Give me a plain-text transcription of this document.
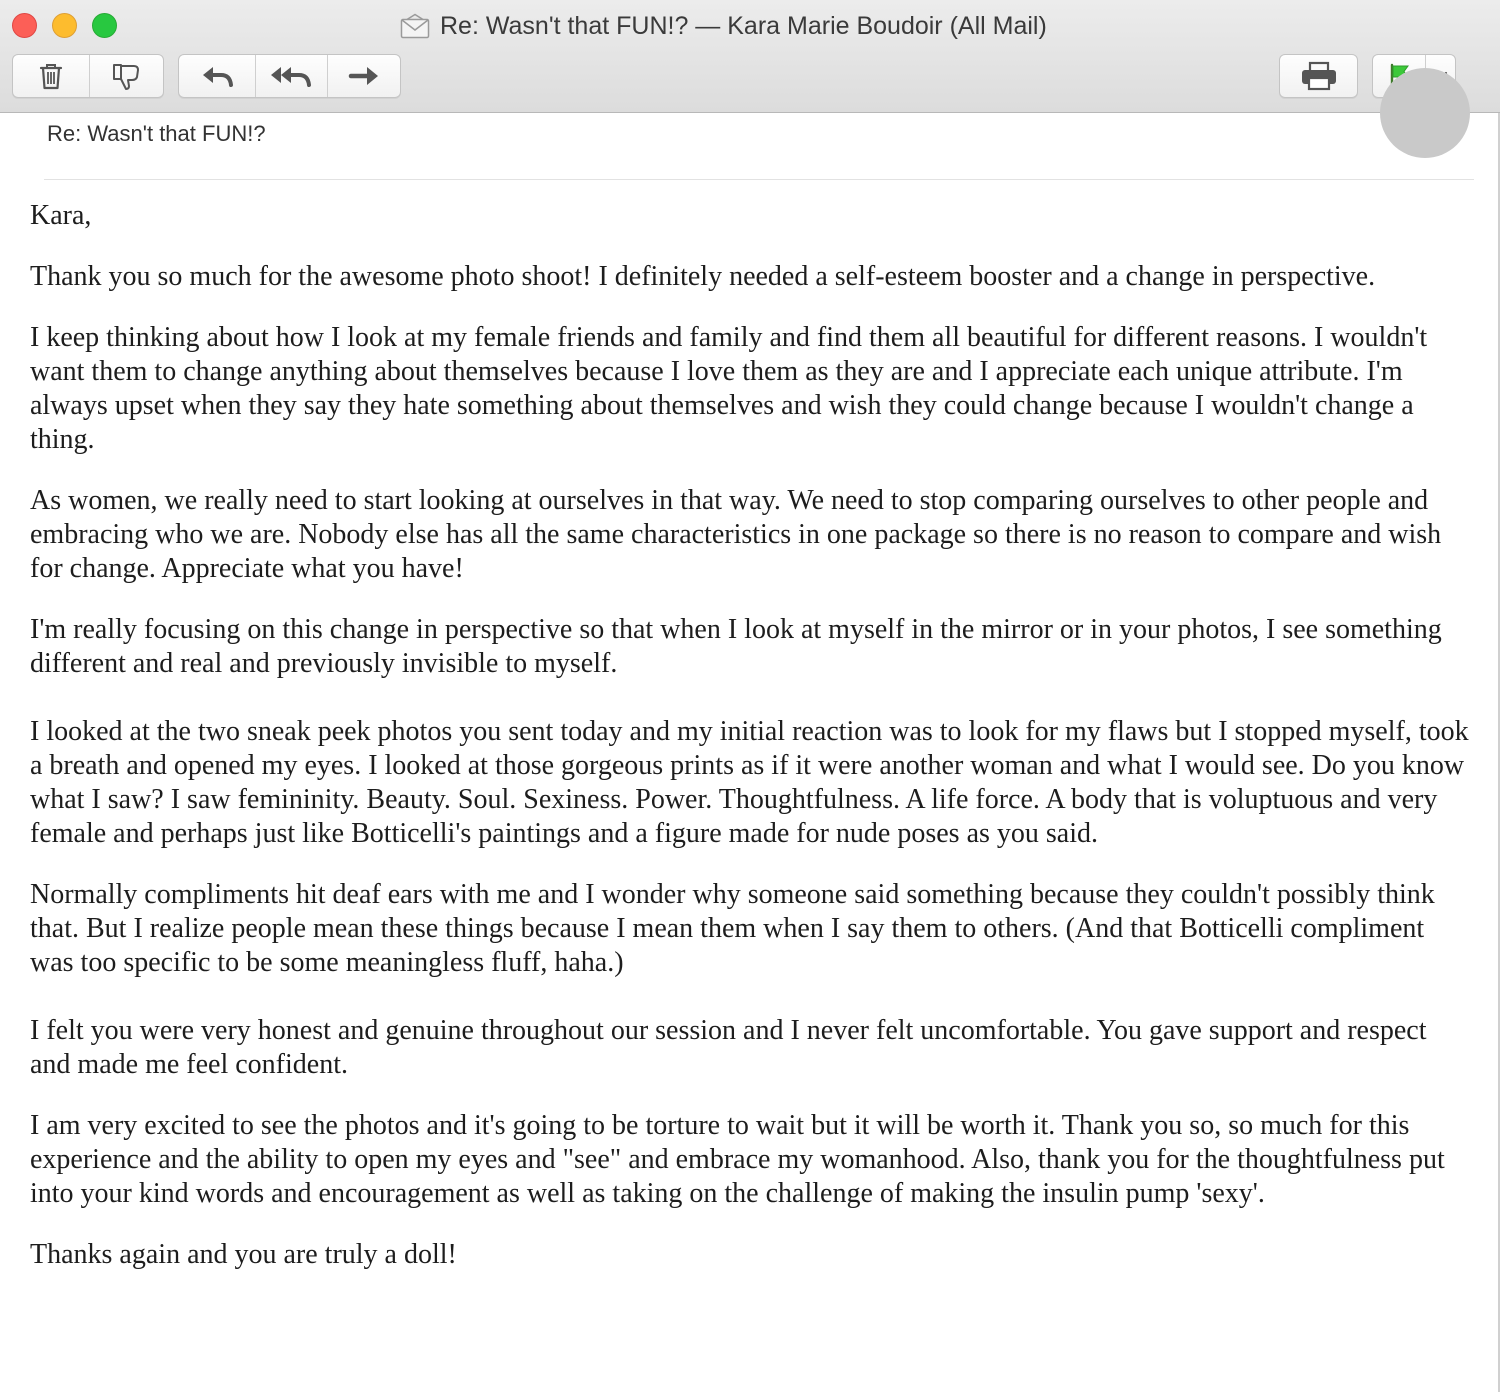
Re: Wasn't that FUN!? — Kara Marie Boudoir (All Mail)
Re: Wasn't that FUN!?

Kara,

Thank you so much for the awesome photo shoot! I definitely needed a self-esteem booster and a change in perspective.

I keep thinking about how I look at my female friends and family and find them all beautiful for different reasons. I wouldn't want them to change anything about themselves because I love them as they are and I appreciate each unique attribute. I'm always upset when they say they hate something about themselves and wish they could change because I wouldn't change a thing.

As women, we really need to start looking at ourselves in that way. We need to stop comparing ourselves to other people and embracing who we are. Nobody else has all the same characteristics in one package so there is no reason to compare and wish for change. Appreciate what you have!

I'm really focusing on this change in perspective so that when I look at myself in the mirror or in your photos, I see something different and real and previously invisible to myself.

I looked at the two sneak peek photos you sent today and my initial reaction was to look for my flaws but I stopped myself, took a breath and opened my eyes. I looked at those gorgeous prints as if it were another woman and what I would see. Do you know what I saw? I saw femininity. Beauty. Soul. Sexiness. Power. Thoughtfulness. A life force. A body that is voluptuous and very female and perhaps just like Botticelli's paintings and a figure made for nude poses as you said.

Normally compliments hit deaf ears with me and I wonder why someone said something because they couldn't possibly think that. But I realize people mean these things because I mean them when I say them to others. (And that Botticelli compliment was too specific to be some meaningless fluff, haha.)

I felt you were very honest and genuine throughout our session and I never felt uncomfortable. You gave support and respect and made me feel confident.

I am very excited to see the photos and it's going to be torture to wait but it will be worth it. Thank you so, so much for this experience and the ability to open my eyes and "see" and embrace my womanhood. Also, thank you for the thoughtfulness put into your kind words and encouragement as well as taking on the challenge of making the insulin pump 'sexy'.

Thanks again and you are truly a doll!
